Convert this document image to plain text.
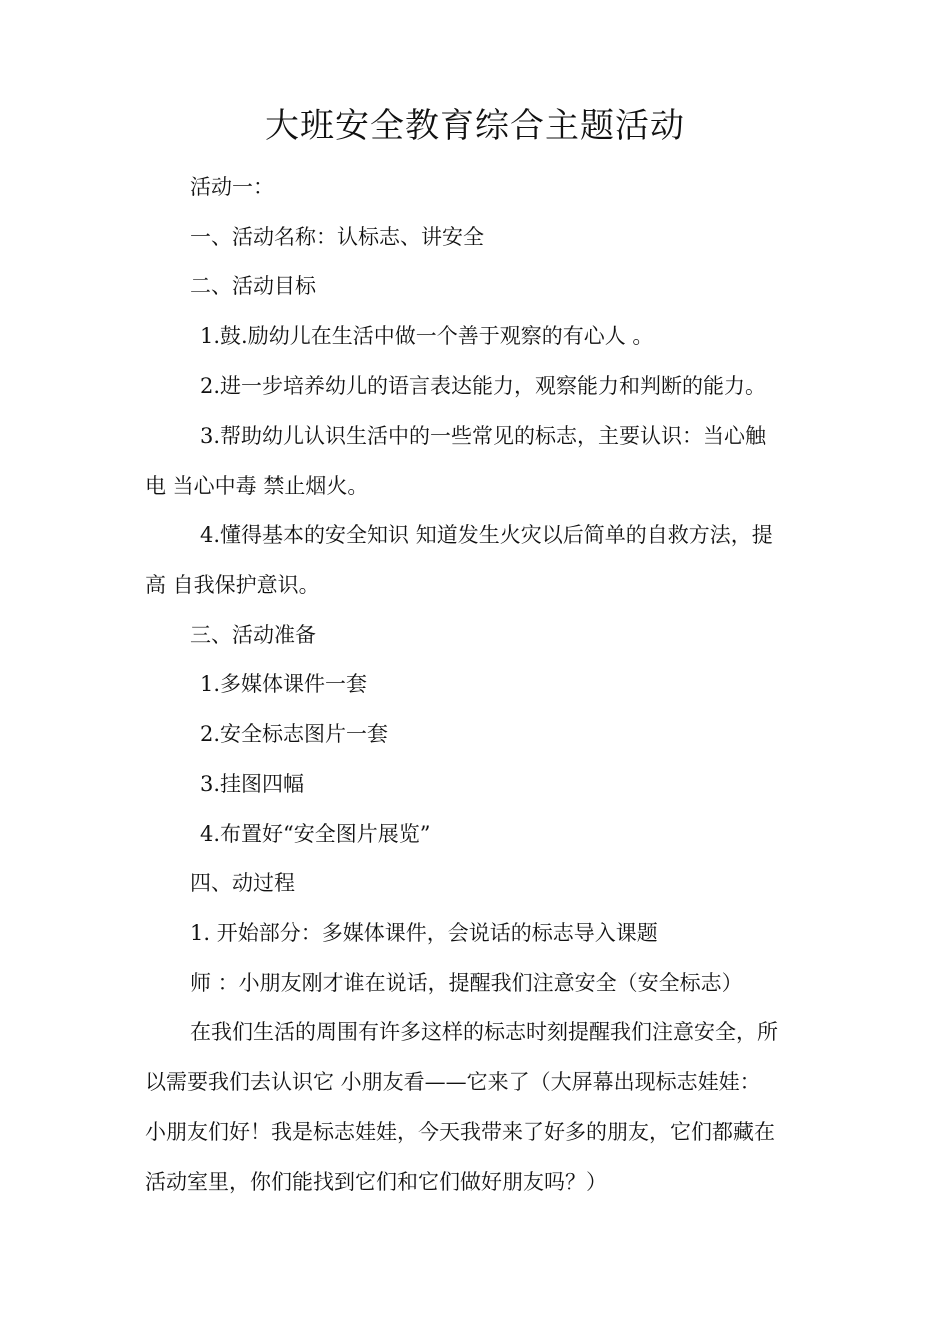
大班安全教育综合主题活动

活动一：

一、活动名称：认标志、讲安全

二、活动目标

1.鼓.励幼儿在生活中做一个善于观察的有心人 。

2.进一步培养幼儿的语言表达能力，观察能力和判断的能力。

3.帮助幼儿认识生活中的一些常见的标志，主要认识：当心触

电 当心中毒 禁止烟火。

4.懂得基本的安全知识 知道发生火灾以后简单的自救方法，提

高 自我保护意识。

三、活动准备

1.多媒体课件一套

2.安全标志图片一套

3.挂图四幅

4.布置好“安全图片展览”

四、动过程

1. 开始部分：多媒体课件，会说话的标志导入课题

师 ：小朋友刚才谁在说话，提醒我们注意安全（安全标志）

在我们生活的周围有许多这样的标志时刻提醒我们注意安全，所

以需要我们去认识它 小朋友看——它来了（大屏幕出现标志娃娃：

小朋友们好！我是标志娃娃，今天我带来了好多的朋友，它们都藏在

活动室里，你们能找到它们和它们做好朋友吗？）
